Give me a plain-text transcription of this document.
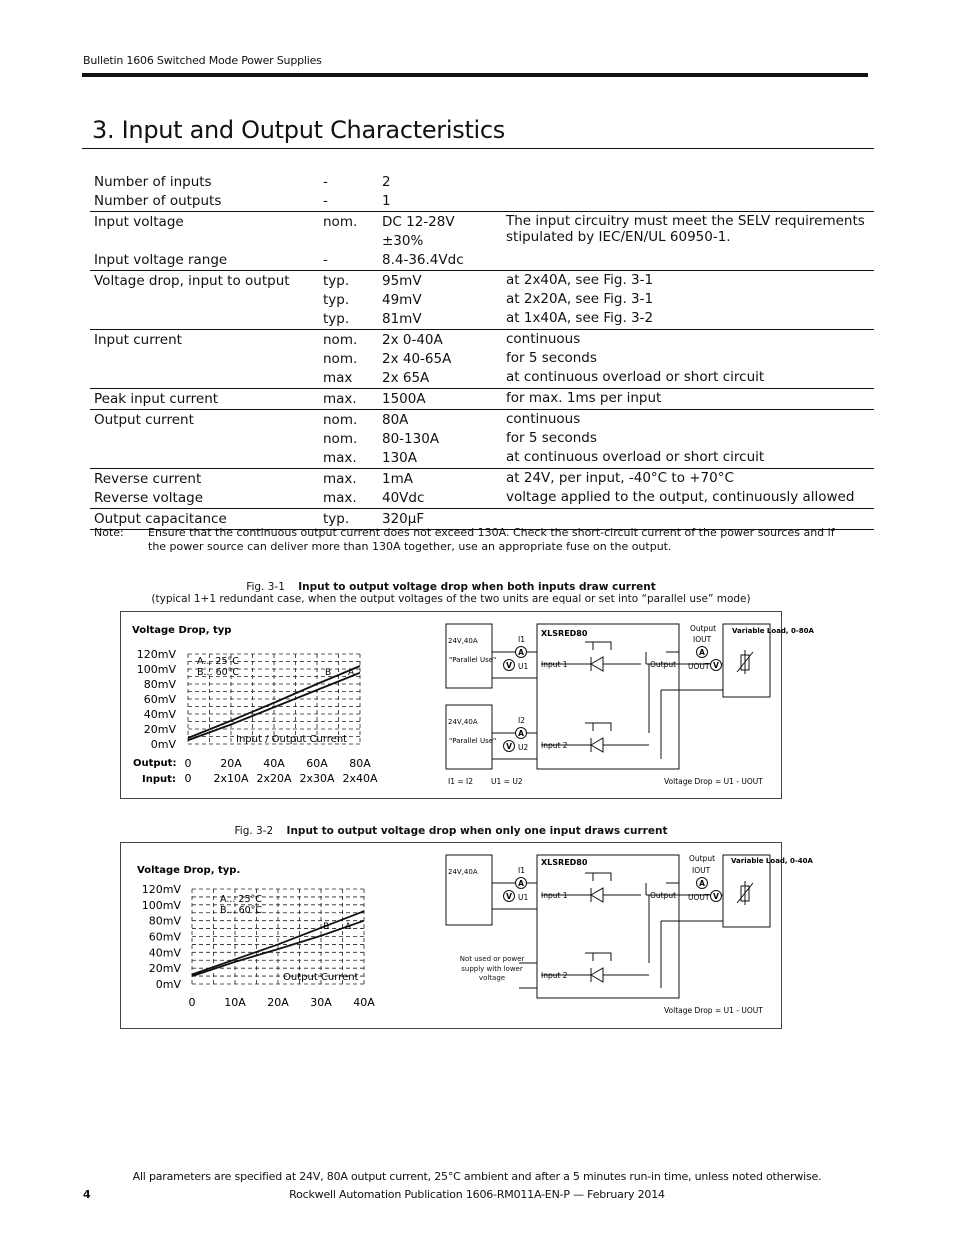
Bulletin 1606 Switched Mode Power Supplies
3. Input and Output Characteristics
Number of inputs	-	2	
Number of outputs	-	1	
Input voltage	nom.	DC 12-28V ±30%	The input circuitry must meet the SELV requirements stipulated by IEC/EN/UL 60950-1.
Input voltage range	-	8.4-36.4Vdc	
Voltage drop, input to output	typ.	95mV	at 2x40A, see Fig. 3-1
	typ.	49mV	at 2x20A, see Fig. 3-1
	typ.	81mV	at 1x40A, see Fig. 3-2
Input current	nom.	2x 0-40A	continuous
	nom.	2x 40-65A	for 5 seconds
	max	2x 65A	at continuous overload or short circuit
Peak input current	max.	1500A	for max. 1ms per input
Output current	nom.	80A	continuous
	nom.	80-130A	for 5 seconds
	max.	130A	at continuous overload or short circuit
Reverse current	max.	1mA	at 24V, per input, -40°C to +70°C
Reverse voltage	max.	40Vdc	voltage applied to the output, continuously allowed
Output capacitance	typ.	320µF	
Note: Ensure that the continuous output current does not exceed 130A. Check the short-circuit current of the power sources and if the power source can deliver more than 130A together, use an appropriate fuse on the output.
Fig. 3-1 Input to output voltage drop when both inputs draw current
(typical 1+1 redundant case, when the output voltages of the two units are equal or set into “parallel use” mode)
0mV
20mV
40mV
60mV
80mV
100mV
120mV
0	20A 40A 60A 80A
Voltage Drop, typ
A... 25°C
B... 60°C	B A
Input / Output Current
Output:
Input: 0 2x10A 2x20A 2x30A 2x40A
A
V
A
V
A
V
24V,40A
"Parallel Use"
24V,40A
"Parallel Use"
XLSRED80
Input 1
Input 2
Output
Output Variable Load, 0-80A
I1
U1
I2
U2
IOUT
UOUT
I1 = I2 U1 = U2	Voltage Drop = U1 - UOUT
Fig. 3-2 Input to output voltage drop when only one input draws current
0mV
20mV
40mV
60mV
80mV
100mV
120mV
0	10A 20A 30A 40A
Voltage Drop, typ.
A... 25°C
B... 60°C
B A
Output Current
A
V
A
V
24V,40A
XLSRED80
Input 1
Input 2
Output
Output Variable Load, 0-40A
I1
U1
IOUT
UOUT
Not used or power supply with lower voltage
Voltage Drop = U1 - UOUT
All parameters are specified at 24V, 80A output current, 25°C ambient and after a 5 minutes run-in time, unless noted otherwise.
4	Rockwell Automation Publication 1606-RM011A-EN-P — February 2014
